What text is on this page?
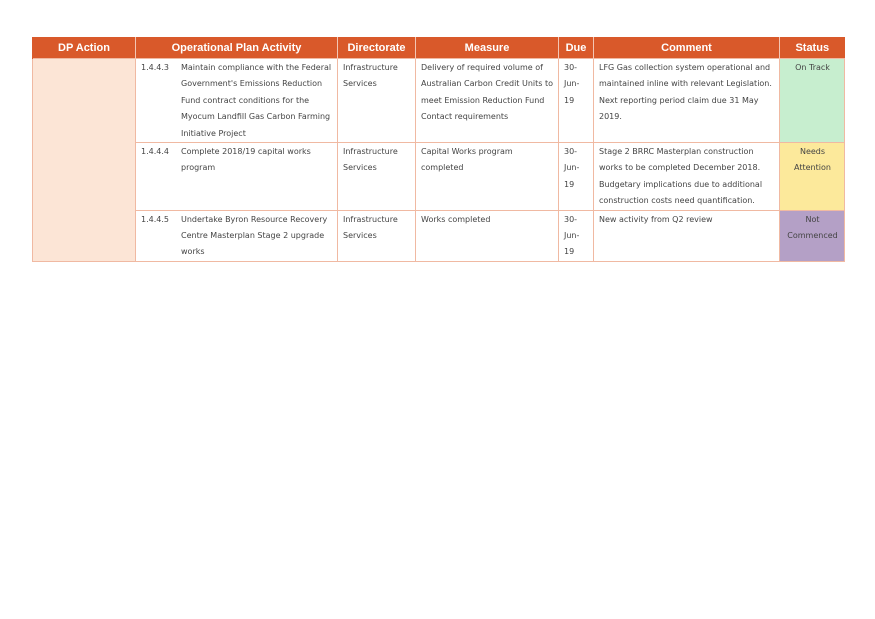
DP Action	Operational Plan Activity	Directorate	Measure	Due	Comment	Status

	1.4.4.3 Maintain compliance with the Federal Government's Emissions Reduction Fund contract conditions for the Myocum Landfill Gas Carbon Farming Initiative Project	Infrastructure Services	Delivery of required volume of Australian Carbon Credit Units to meet Emission Reduction Fund Contact requirements	30-Jun-19	LFG Gas collection system operational and maintained inline with relevant Legislation. Next reporting period claim due 31 May 2019.	On Track

	1.4.4.4 Complete 2018/19 capital works program	Infrastructure Services	Capital Works program completed	30-Jun-19	Stage 2 BRRC Masterplan construction works to be completed December 2018. Budgetary implications due to additional construction costs need quantification.	Needs Attention

	1.4.4.5 Undertake Byron Resource Recovery Centre Masterplan Stage 2 upgrade works	Infrastructure Services	Works completed	30-Jun-19	New activity from Q2 review	Not Commenced
